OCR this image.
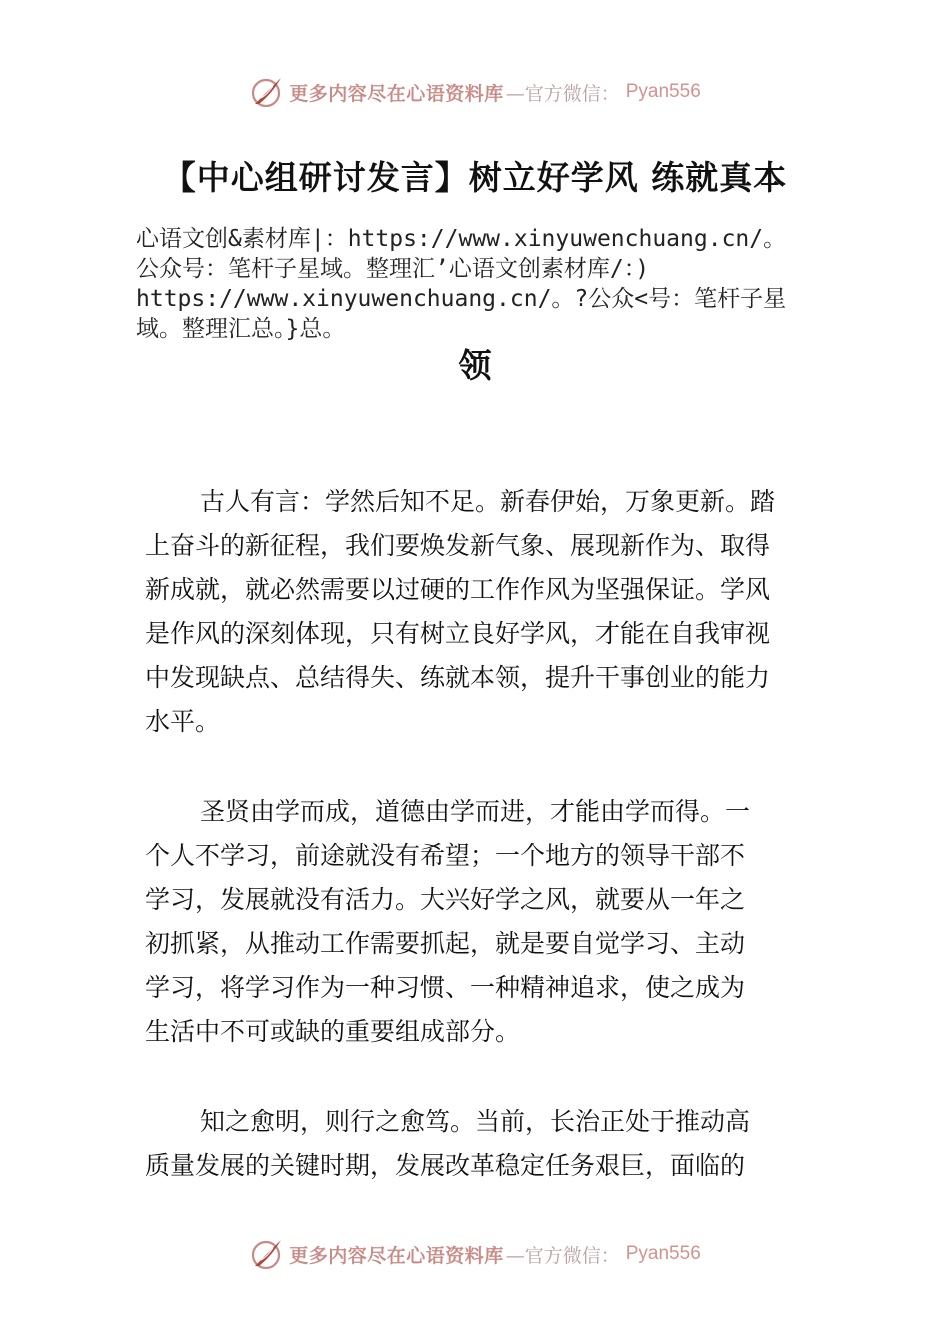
更多内容尽在心语资料库 —官方微信： Pyan556
【中心组研讨发言】树立好学风 练就真本
心语文创&素材库|：https://www.xinyuwenchuang.cn/。
公众号：笔杆子星域。整理汇’心语文创素材库/：)
https://www.xinyuwenchuang.cn/。?公众<号：笔杆子星
域。整理汇总。}总。
领
古人有言：学然后知不足。新春伊始，万象更新。踏
上奋斗的新征程，我们要焕发新气象、展现新作为、取得
新成就，就必然需要以过硬的工作作风为坚强保证。学风
是作风的深刻体现，只有树立良好学风，才能在自我审视
中发现缺点、总结得失、练就本领，提升干事创业的能力
水平。
圣贤由学而成，道德由学而进，才能由学而得。一
个人不学习，前途就没有希望；一个地方的领导干部不
学习，发展就没有活力。大兴好学之风，就要从一年之
初抓紧，从推动工作需要抓起，就是要自觉学习、主动
学习，将学习作为一种习惯、一种精神追求，使之成为
生活中不可或缺的重要组成部分。
知之愈明，则行之愈笃。当前，长治正处于推动高
质量发展的关键时期，发展改革稳定任务艰巨，面临的
更多内容尽在心语资料库 —官方微信： Pyan556
